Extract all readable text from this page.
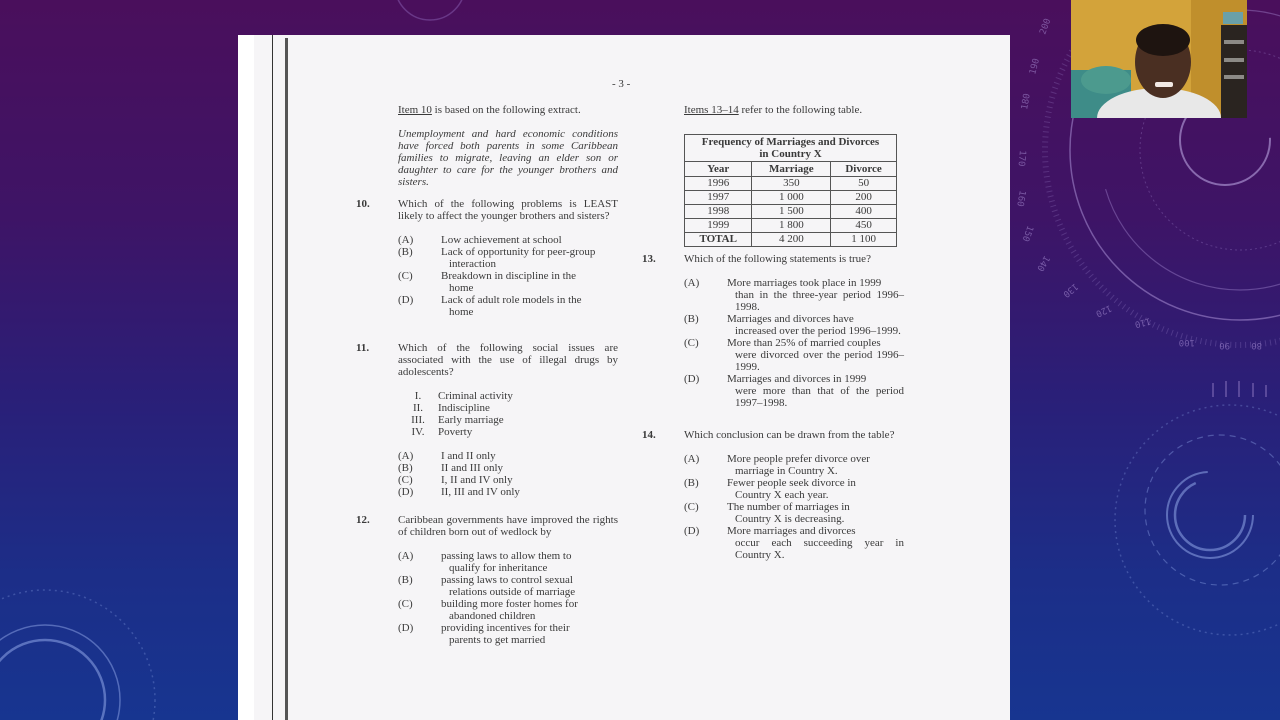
200
190
180
170
160
150
140
130
120
110
100	90 80
- 3 -
Item 10 is based on the following extract.
Unemployment and hard economic conditions have forced both parents in some Caribbean families to migrate, leaving an elder son or daughter to care for the younger brothers and sisters.
10.	Which of the following problems is LEAST likely to affect the younger brothers and sisters?
(A)	Low achievement at school
(B)	Lack of opportunity for peer-group
interaction
(C)	Breakdown in discipline in the
home
(D)	Lack of adult role models in the
home
11.	Which of the following social issues are associated with the use of illegal drugs by adolescents?
I.	Criminal activity
II.	Indiscipline
III.	Early marriage
IV.	Poverty
(A)	I and II only
(B)	II and III only
(C)	I, II and IV only
(D)	II, III and IV only
12.	Caribbean governments have improved the rights of children born out of wedlock by
(A)	passing laws to allow them to
qualify for inheritance
(B)	passing laws to control sexual
relations outside of marriage
(C)	building more foster homes for
abandoned children
(D)	providing incentives for their
parents to get married
Items 13–14 refer to the following table.
Frequency of Marriages and Divorces
in Country X		

Year	Marriage	Divorce
1996	350	50
1997	1 000	200
1998	1 500	400
1999	1 800	450
TOTAL	4 200	1 100
13.	Which of the following statements is true?
(A)	More marriages took place in 1999
than in the three-year period 1996–1998.
(B)	Marriages and divorces have
increased over the period 1996–1999.
(C)	More than 25% of married couples
were divorced over the period 1996–1999.
(D)	Marriages and divorces in 1999
were more than that of the period 1997–1998.
14.	Which conclusion can be drawn from the table?
(A)	More people prefer divorce over
marriage in Country X.
(B)	Fewer people seek divorce in
Country X each year.
(C)	The number of marriages in
Country X is decreasing.
(D)	More marriages and divorces
occur each succeeding year in Country X.
